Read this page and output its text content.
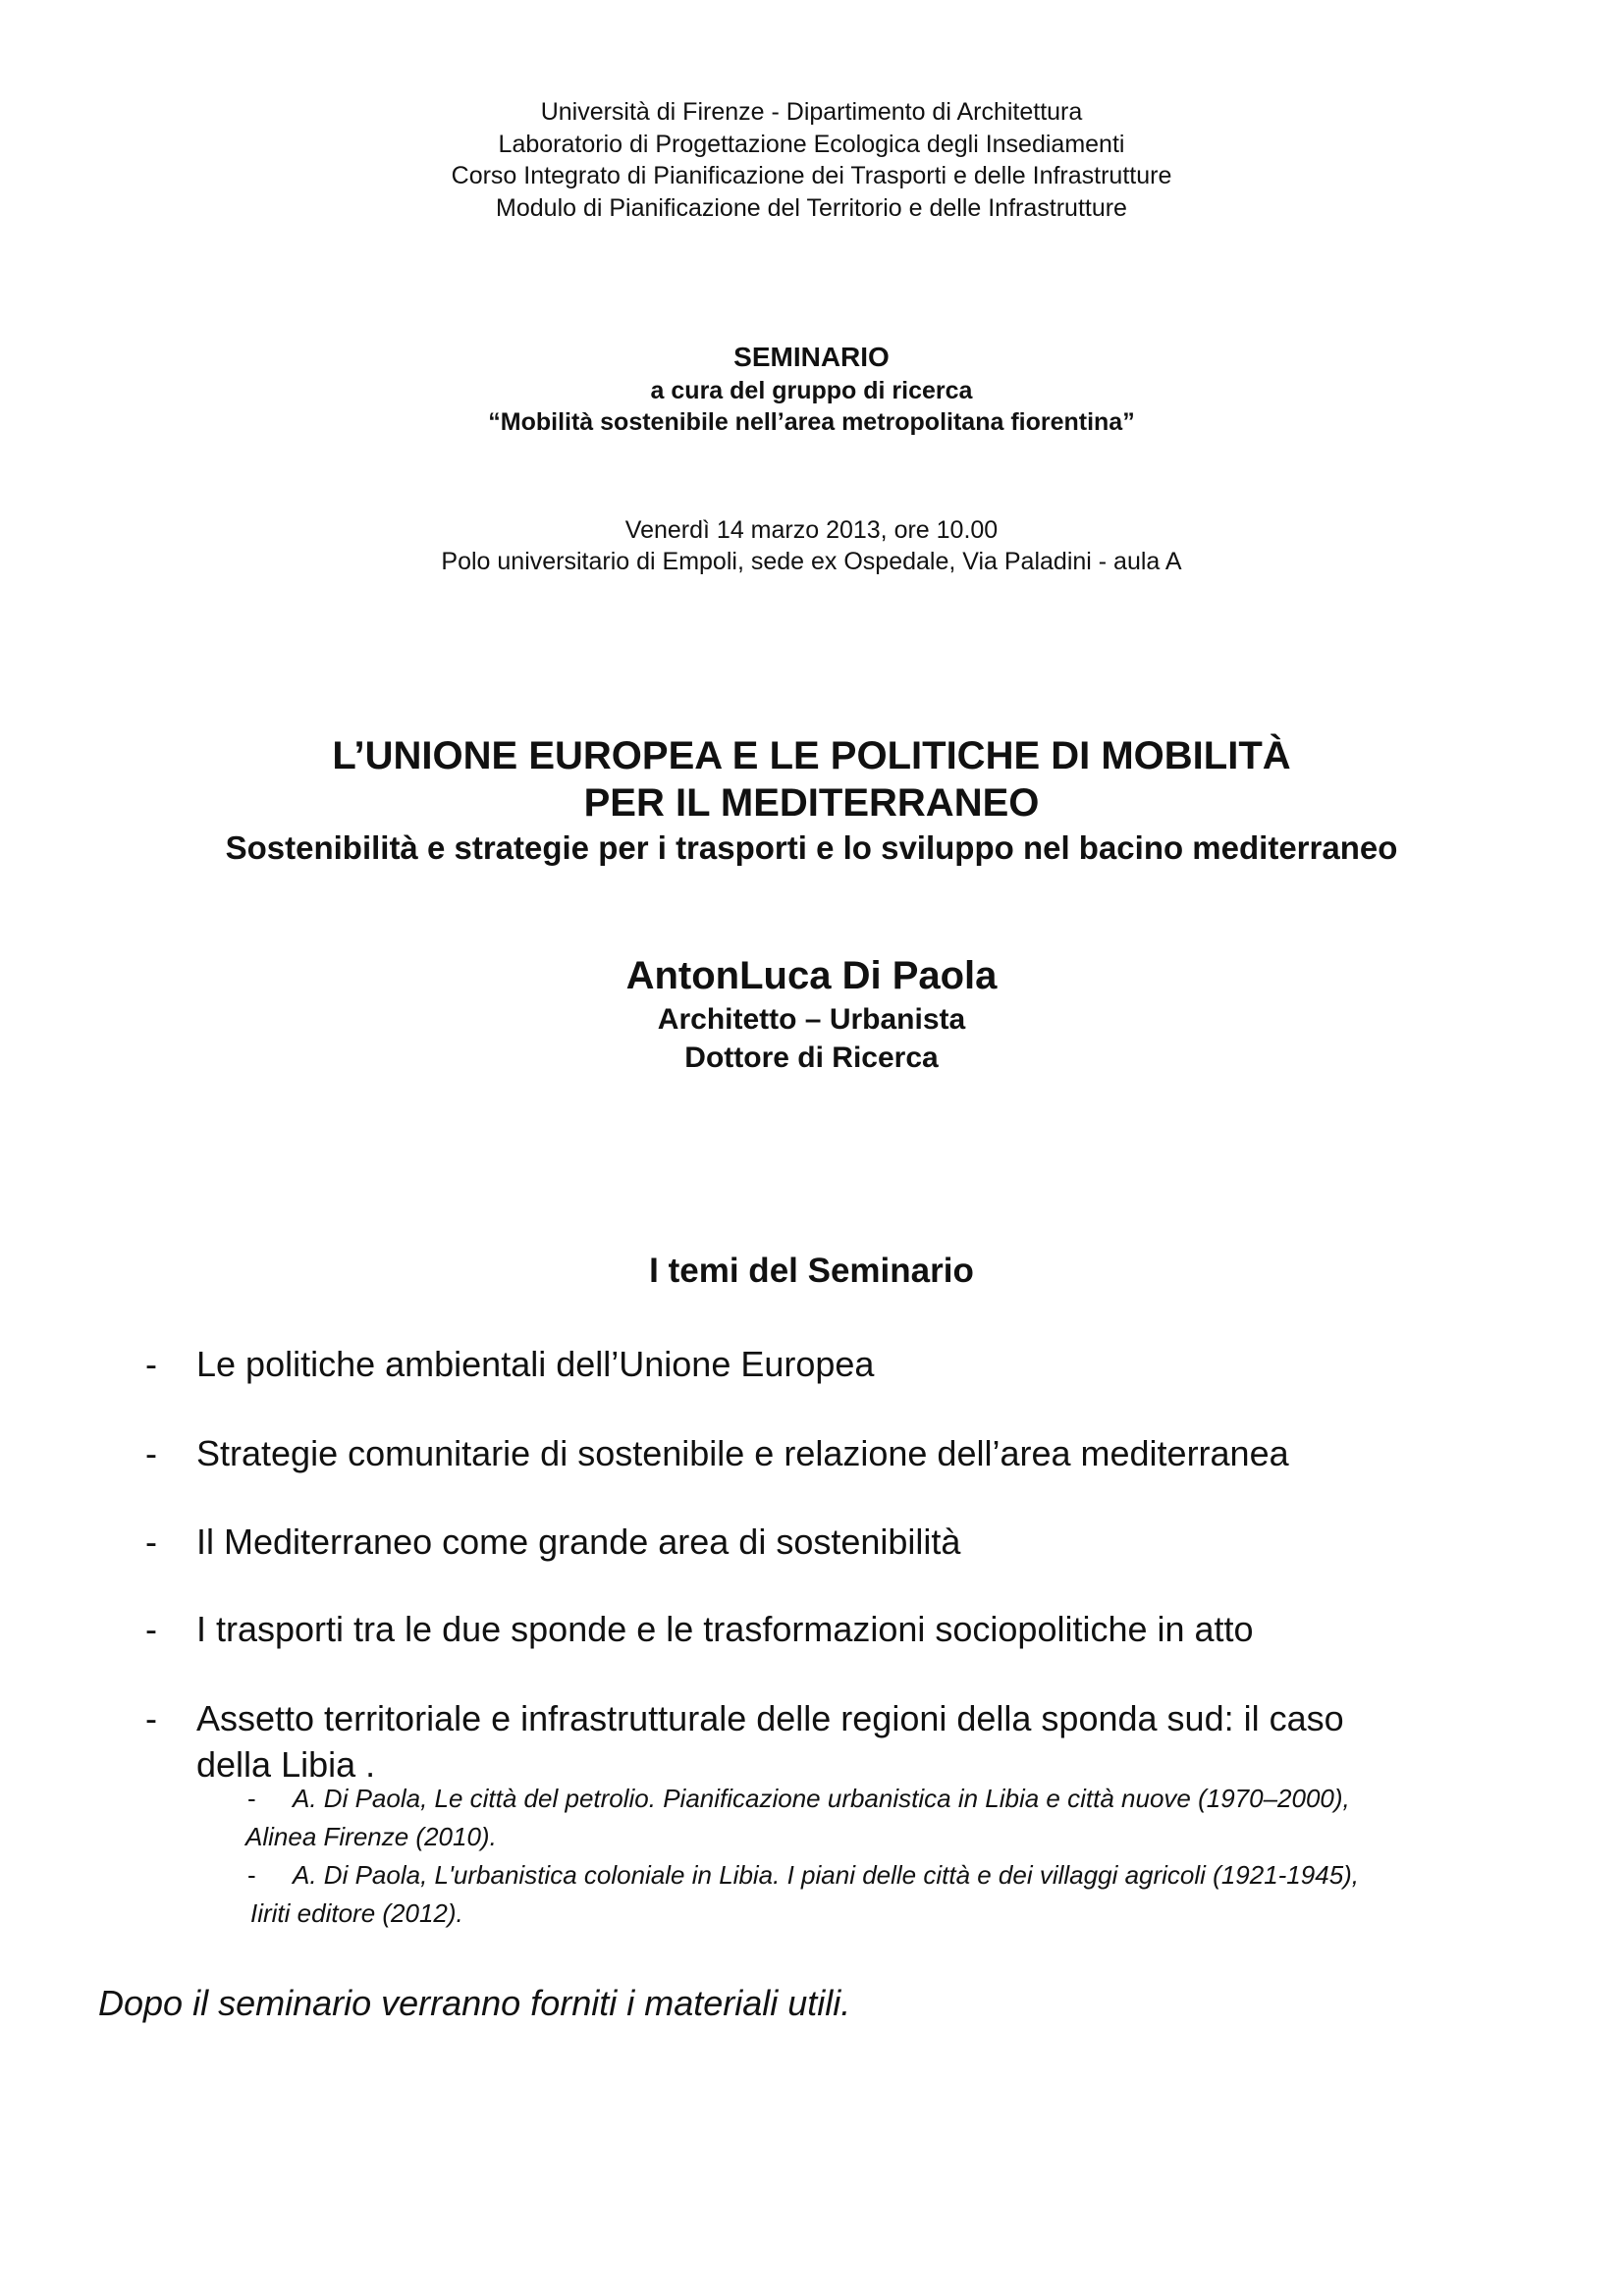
Università di Firenze - Dipartimento di Architettura
Laboratorio di Progettazione Ecologica degli Insediamenti
Corso Integrato di Pianificazione dei Trasporti e delle Infrastrutture
Modulo di Pianificazione del Territorio e delle Infrastrutture
SEMINARIO
a cura del gruppo di ricerca
“Mobilità sostenibile nell’area metropolitana fiorentina”
Venerdì 14 marzo 2013, ore 10.00
Polo universitario di Empoli, sede ex Ospedale, Via Paladini - aula A
L’UNIONE EUROPEA E LE POLITICHE DI MOBILITÀ
PER IL MEDITERRANEO
Sostenibilità e strategie per i trasporti e lo sviluppo nel bacino mediterraneo
AntonLuca Di Paola
Architetto – Urbanista
Dottore di Ricerca
I temi del Seminario
- Le politiche ambientali dell’Unione Europea
- Strategie comunitarie di sostenibile e relazione dell’area mediterranea
- Il Mediterraneo come grande area di sostenibilità
- I trasporti tra le due sponde e le trasformazioni sociopolitiche in atto
- Assetto territoriale e infrastrutturale delle regioni della sponda sud: il caso
della Libia .
- A. Di Paola, Le città del petrolio. Pianificazione urbanistica in Libia e città nuove (1970–2000),
Alinea Firenze (2010).
- A. Di Paola, L'urbanistica coloniale in Libia. I piani delle città e dei villaggi agricoli (1921-1945),
Iiriti editore (2012).
Dopo il seminario verranno forniti i materiali utili.
